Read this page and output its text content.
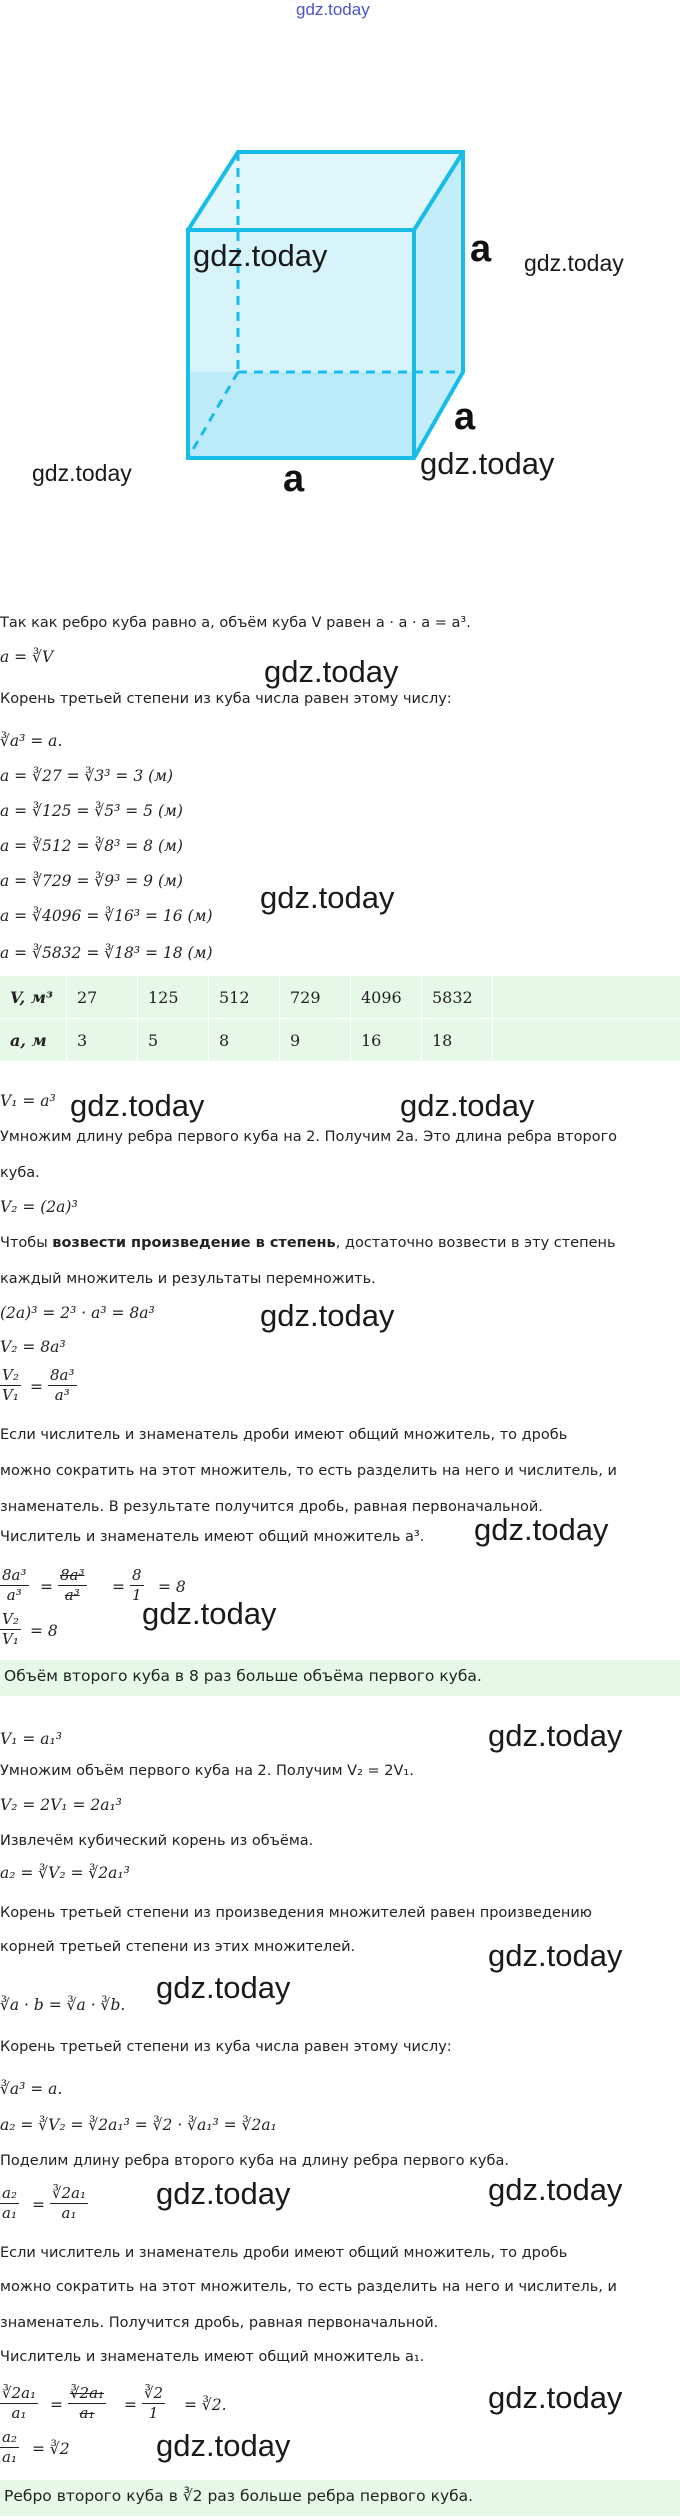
gdz.today
a
a
a
gdz.today	gdz.today
gdz.today
gdz.today
Так как ребро куба равно a, объём куба V равен a · a · a = a³.
a = ∛V	gdz.today
Корень третьей степени из куба числа равен этому числу:
∛a³ = a.
a = ∛27 = ∛3³ = 3 (м)
a = ∛125 = ∛5³ = 5 (м)
a = ∛512 = ∛8³ = 8 (м)
a = ∛729 = ∛9³ = 9 (м)
a = ∛4096 = ∛16³ = 16 (м)
a = ∛5832 = ∛18³ = 18 (м)
gdz.today
V, м³	27	125	512	729	4096	5832	
a, м	3	5	8	9	16	18	
V₁ = a³ gdz.today	gdz.today
Умножим длину ребра первого куба на 2. Получим 2a. Это длина ребра второго
куба.
V₂ = (2a)³
Чтобы возвести произведение в степень, достаточно возвести в эту степень
каждый множитель и результаты перемножить.
(2a)³ = 2³ · a³ = 8a³	gdz.today
V₂ = 8a³
$\frac{\text{V₂}}{\text{V₁}} = \frac{\text{8a³}}{\text{a³}}$
Если числитель и знаменатель дроби имеют общий множитель, то дробь
можно сократить на этот множитель, то есть разделить на него и числитель, и
знаменатель. В результате получится дробь, равная первоначальной.
Числитель и знаменатель имеют общий множитель a³. gdz.today
$\frac{\text{8a³}}{\text{a³}} = \frac{\text{8a³}}{\text{a³}} = \frac{8}{1} = 8$
$\frac{\text{V₂}}{\text{V₁}} = 8$	gdz.today
Объём второго куба в 8 раз больше объёма первого куба.
V₁ = a₁³	gdz.today
Умножим объём первого куба на 2. Получим V₂ = 2V₁.
V₂ = 2V₁ = 2a₁³
Извлечём кубический корень из объёма.
a₂ = ∛V₂ = ∛2a₁³
Корень третьей степени из произведения множителей равен произведению
корней третьей степени из этих множителей.	gdz.today
gdz.today
∛a · b = ∛a · ∛b.
Корень третьей степени из куба числа равен этому числу:
∛a³ = a.
a₂ = ∛V₂ = ∛2a₁³ = ∛2 · ∛a₁³ = ∛2a₁
Поделим длину ребра второго куба на длину ребра первого куба.
$\frac{\text{a₂}}{\text{a₁}} = \frac{\text{∛2a₁}}{\text{a₁}}$ gdz.today	gdz.today
Если числитель и знаменатель дроби имеют общий множитель, то дробь
можно сократить на этот множитель, то есть разделить на него и числитель, и
знаменатель. Получится дробь, равная первоначальной.
Числитель и знаменатель имеют общий множитель a₁.
$\frac{\text{∛2a₁}}{\text{a₁}} = \frac{\text{∛2a₁}}{\text{a₁}} = \frac{∛2}{1}$ = ∛2.	gdz.today
$\frac{\text{a₂}}{\text{a₁}}$ = ∛2	gdz.today
Ребро второго куба в ∛2 раз больше ребра первого куба.
